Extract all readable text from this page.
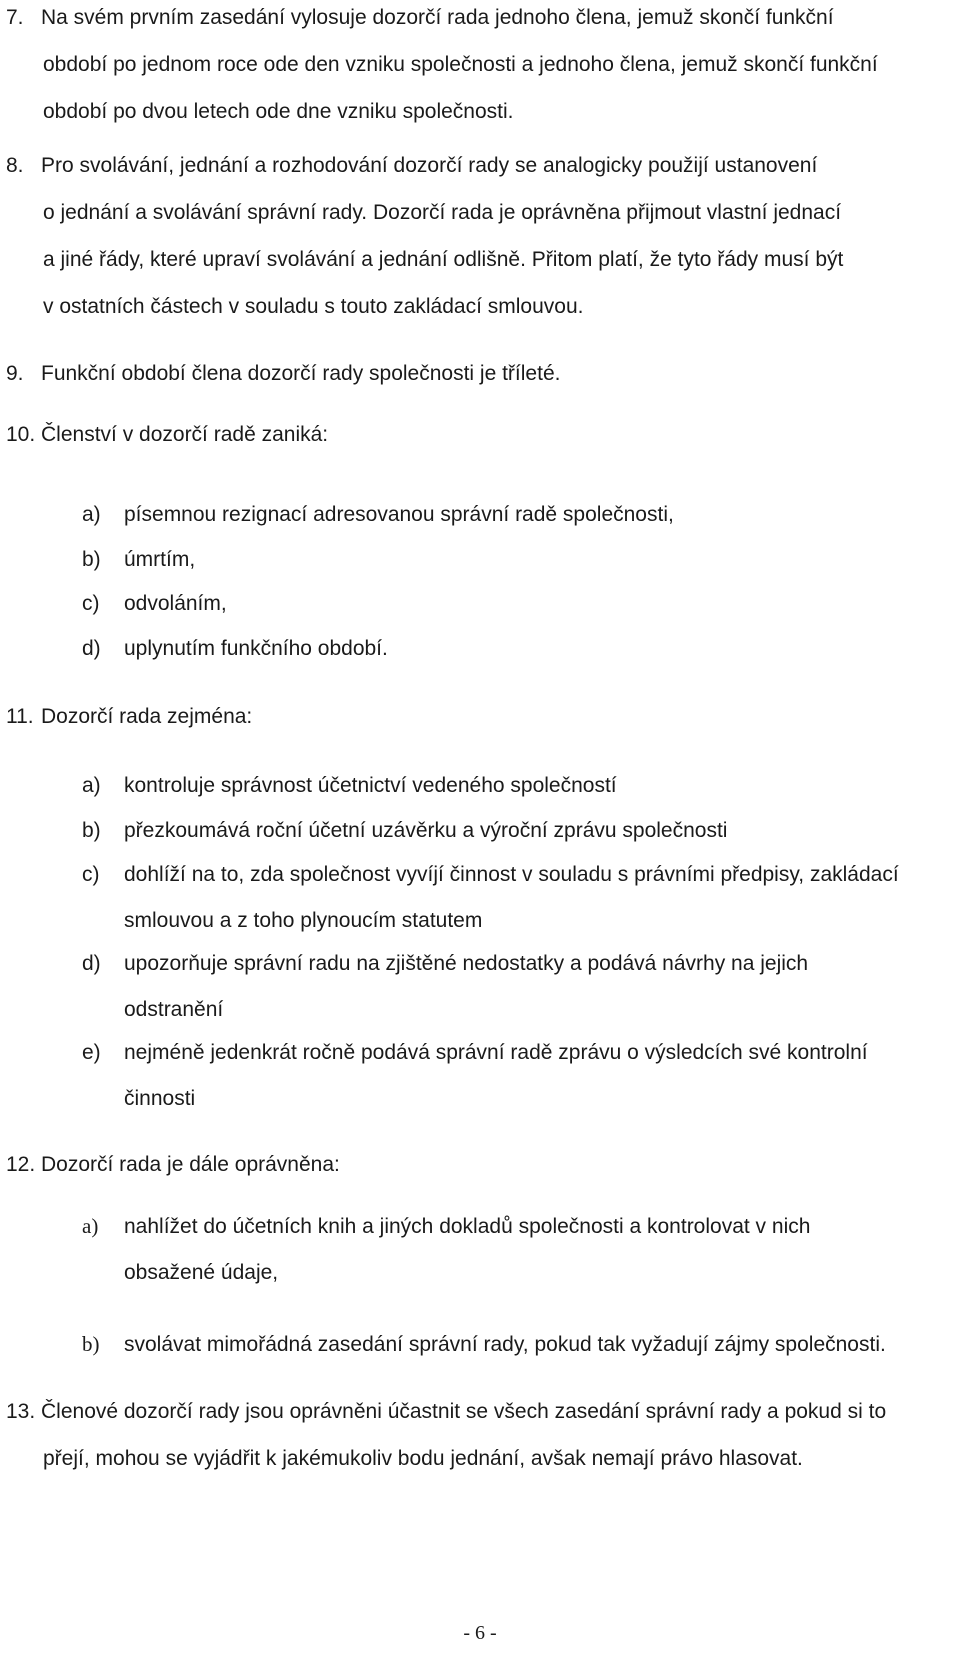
7. Na svém prvním zasedání vylosuje dozorčí rada jednoho člena, jemuž skončí funkční
období po jednom roce ode den vzniku společnosti a jednoho člena, jemuž skončí funkční
období po dvou letech ode dne vzniku společnosti.
8. Pro svolávání, jednání a rozhodování dozorčí rady se analogicky použijí ustanovení
o jednání a svolávání správní rady. Dozorčí rada je oprávněna přijmout vlastní jednací
a jiné řády, které upraví svolávání a jednání odlišně. Přitom platí, že tyto řády musí být
v ostatních částech v souladu s touto zakládací smlouvou.
9. Funkční období člena dozorčí rady společnosti je tříleté.
10. Členství v dozorčí radě zaniká:
a) písemnou rezignací adresovanou správní radě společnosti,
b) úmrtím,
c) odvoláním,
d) uplynutím funkčního období.
11. Dozorčí rada zejména:
a) kontroluje správnost účetnictví vedeného společností
b) přezkoumává roční účetní uzávěrku a výroční zprávu společnosti
c) dohlíží na to, zda společnost vyvíjí činnost v souladu s právními předpisy, zakládací
smlouvou a z toho plynoucím statutem
d) upozorňuje správní radu na zjištěné nedostatky a podává návrhy na jejich
odstranění
e) nejméně jedenkrát ročně podává správní radě zprávu o výsledcích své kontrolní
činnosti
12. Dozorčí rada je dále oprávněna:
a) nahlížet do účetních knih a jiných dokladů společnosti a kontrolovat v nich
obsažené údaje,
b) svolávat mimořádná zasedání správní rady, pokud tak vyžadují zájmy společnosti.
13. Členové dozorčí rady jsou oprávněni účastnit se všech zasedání správní rady a pokud si to
přejí, mohou se vyjádřit k jakémukoliv bodu jednání, avšak nemají právo hlasovat.
- 6 -
